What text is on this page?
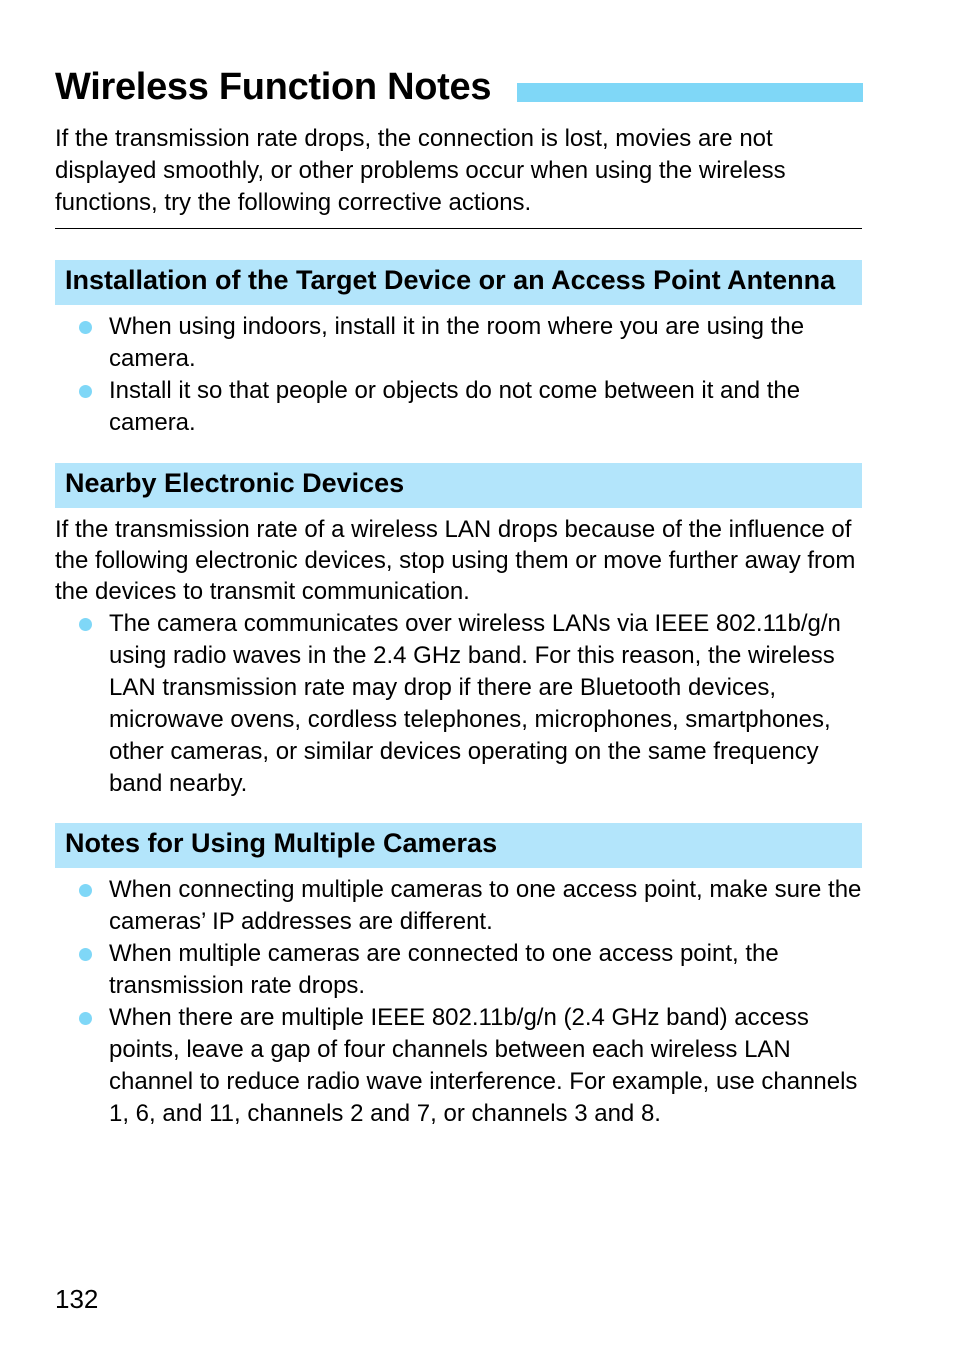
Wireless Function Notes

If the transmission rate drops, the connection is lost, movies are not displayed smoothly, or other problems occur when using the wireless functions, try the following corrective actions.

Installation of the Target Device or an Access Point Antenna
When using indoors, install it in the room where you are using the camera.
Install it so that people or objects do not come between it and the camera.
Nearby Electronic Devices

If the transmission rate of a wireless LAN drops because of the influence of the following electronic devices, stop using them or move further away from the devices to transmit communication.

The camera communicates over wireless LANs via IEEE 802.11b/g/n using radio waves in the 2.4 GHz band. For this reason, the wireless LAN transmission rate may drop if there are Bluetooth devices, microwave ovens, cordless telephones, microphones, smartphones, other cameras, or similar devices operating on the same frequency band nearby.
Notes for Using Multiple Cameras
When connecting multiple cameras to one access point, make sure the cameras’ IP addresses are different.
When multiple cameras are connected to one access point, the transmission rate drops.
When there are multiple IEEE 802.11b/g/n (2.4 GHz band) access points, leave a gap of four channels between each wireless LAN channel to reduce radio wave interference. For example, use channels 1, 6, and 11, channels 2 and 7, or channels 3 and 8.
132
